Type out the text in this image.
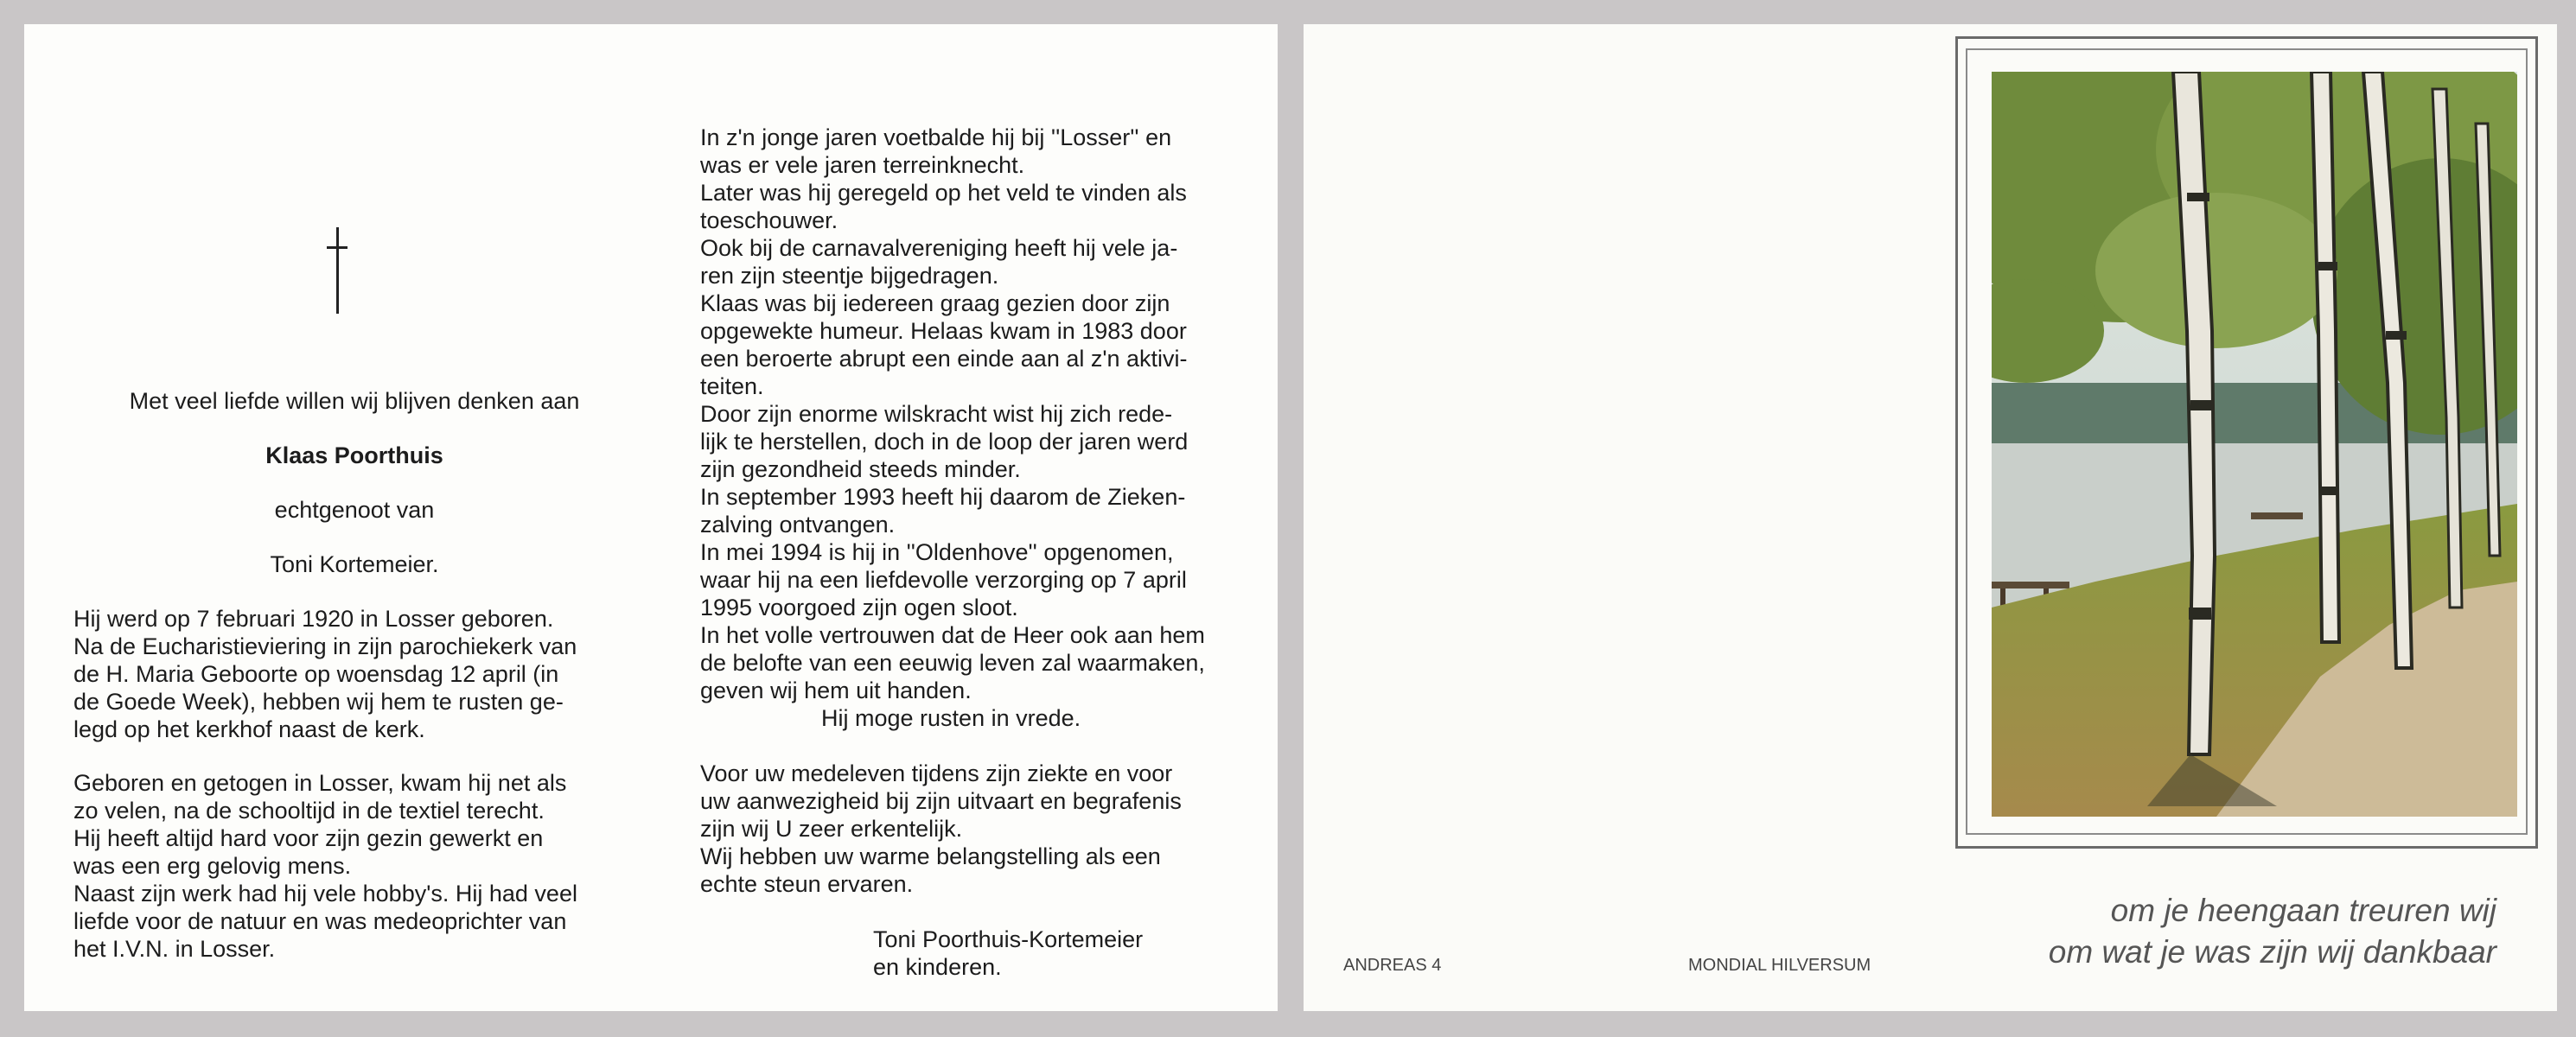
Met veel liefde willen wij blijven denken aan
Klaas Poorthuis
echtgenoot van
Toni Kortemeier.

Hij werd op 7 februari 1920 in Losser geboren.
Na de Eucharistieviering in zijn parochiekerk van
de H. Maria Geboorte op woensdag 12 april (in
de Goede Week), hebben wij hem te rusten ge-
legd op het kerkhof naast de kerk.

Geboren en getogen in Losser, kwam hij net als
zo velen, na de schooltijd in de textiel terecht.
Hij heeft altijd hard voor zijn gezin gewerkt en
was een erg gelovig mens.
Naast zijn werk had hij vele hobby's. Hij had veel
liefde voor de natuur en was medeoprichter van
het I.V.N. in Losser.

In z'n jonge jaren voetbalde hij bij ''Losser'' en
was er vele jaren terreinknecht.
Later was hij geregeld op het veld te vinden als
toeschouwer.
Ook bij de carnavalvereniging heeft hij vele ja-
ren zijn steentje bijgedragen.
Klaas was bij iedereen graag gezien door zijn
opgewekte humeur. Helaas kwam in 1983 door
een beroerte abrupt een einde aan al z'n aktivi-
teiten.
Door zijn enorme wilskracht wist hij zich rede-
lijk te herstellen, doch in de loop der jaren werd
zijn gezondheid steeds minder.
In september 1993 heeft hij daarom de Zieken-
zalving ontvangen.
In mei 1994 is hij in ''Oldenhove'' opgenomen,
waar hij na een liefdevolle verzorging op 7 april
1995 voorgoed zijn ogen sloot.
In het volle vertrouwen dat de Heer ook aan hem
de belofte van een eeuwig leven zal waarmaken,
geven wij hem uit handen.

Hij moge rusten in vrede.

Voor uw medeleven tijdens zijn ziekte en voor
uw aanwezigheid bij zijn uitvaart en begrafenis
zijn wij U zeer erkentelijk.
Wij hebben uw warme belangstelling als een
echte steun ervaren.

Toni Poorthuis-Kortemeier
en kinderen.

om je heengaan treuren wij
om wat je was zijn wij dankbaar
ANDREAS 4	MONDIAL HILVERSUM
